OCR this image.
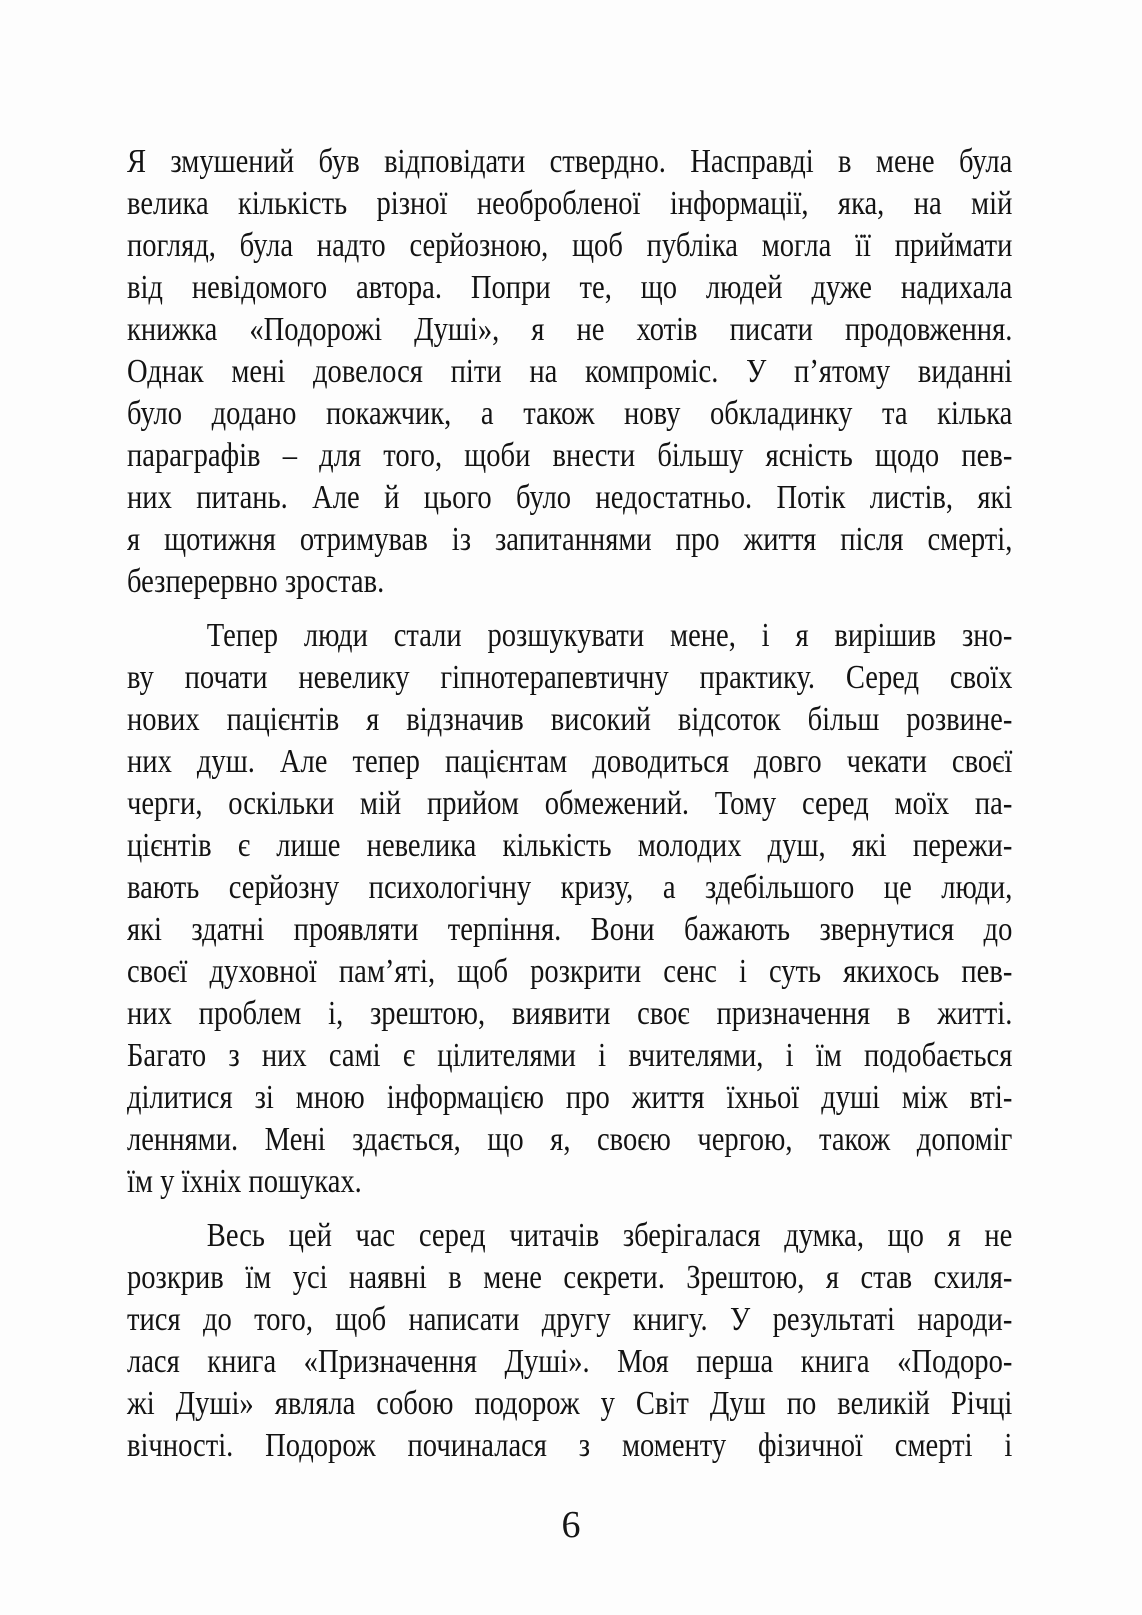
Я змушений був відповідати ствердно. Насправді в мене була
велика кількість різної необробленої інформації, яка, на мій
погляд, була надто серйозною, щоб публіка могла її приймати
від невідомого автора. Попри те, що людей дуже надихала
книжка «Подорожі Душі», я не хотів писати продовження.
Однак мені довелося піти на компроміс. У п’ятому виданні
було додано покажчик, а також нову обкладинку та кілька
параграфів – для того, щоби внести більшу ясність щодо пев-
них питань. Але й цього було недостатньо. Потік листів, які
я щотижня отримував із запитаннями про життя після смерті,
безперервно зростав.

Тепер люди стали розшукувати мене, і я вирішив зно-
ву почати невелику гіпнотерапевтичну практику. Серед своїх
нових пацієнтів я відзначив високий відсоток більш розвине-
них душ. Але тепер пацієнтам доводиться довго чекати своєї
черги, оскільки мій прийом обмежений. Тому серед моїх па-
цієнтів є лише невелика кількість молодих душ, які пережи-
вають серйозну психологічну кризу, а здебільшого це люди,
які здатні проявляти терпіння. Вони бажають звернутися до
своєї духовної пам’яті, щоб розкрити сенс і суть якихось пев-
них проблем і, зрештою, виявити своє призначення в житті.
Багато з них самі є цілителями і вчителями, і їм подобається
ділитися зі мною інформацією про життя їхньої душі між вті-
леннями. Мені здається, що я, своєю чергою, також допоміг
їм у їхніх пошуках.

Весь цей час серед читачів зберігалася думка, що я не
розкрив їм усі наявні в мене секрети. Зрештою, я став схиля-
тися до того, щоб написати другу книгу. У результаті народи-
лася книга «Призначення Душі». Моя перша книга «Подоро-
жі Душі» являла собою подорож у Світ Душ по великій Річці
вічності. Подорож починалася з моменту фізичної смерті і

6
